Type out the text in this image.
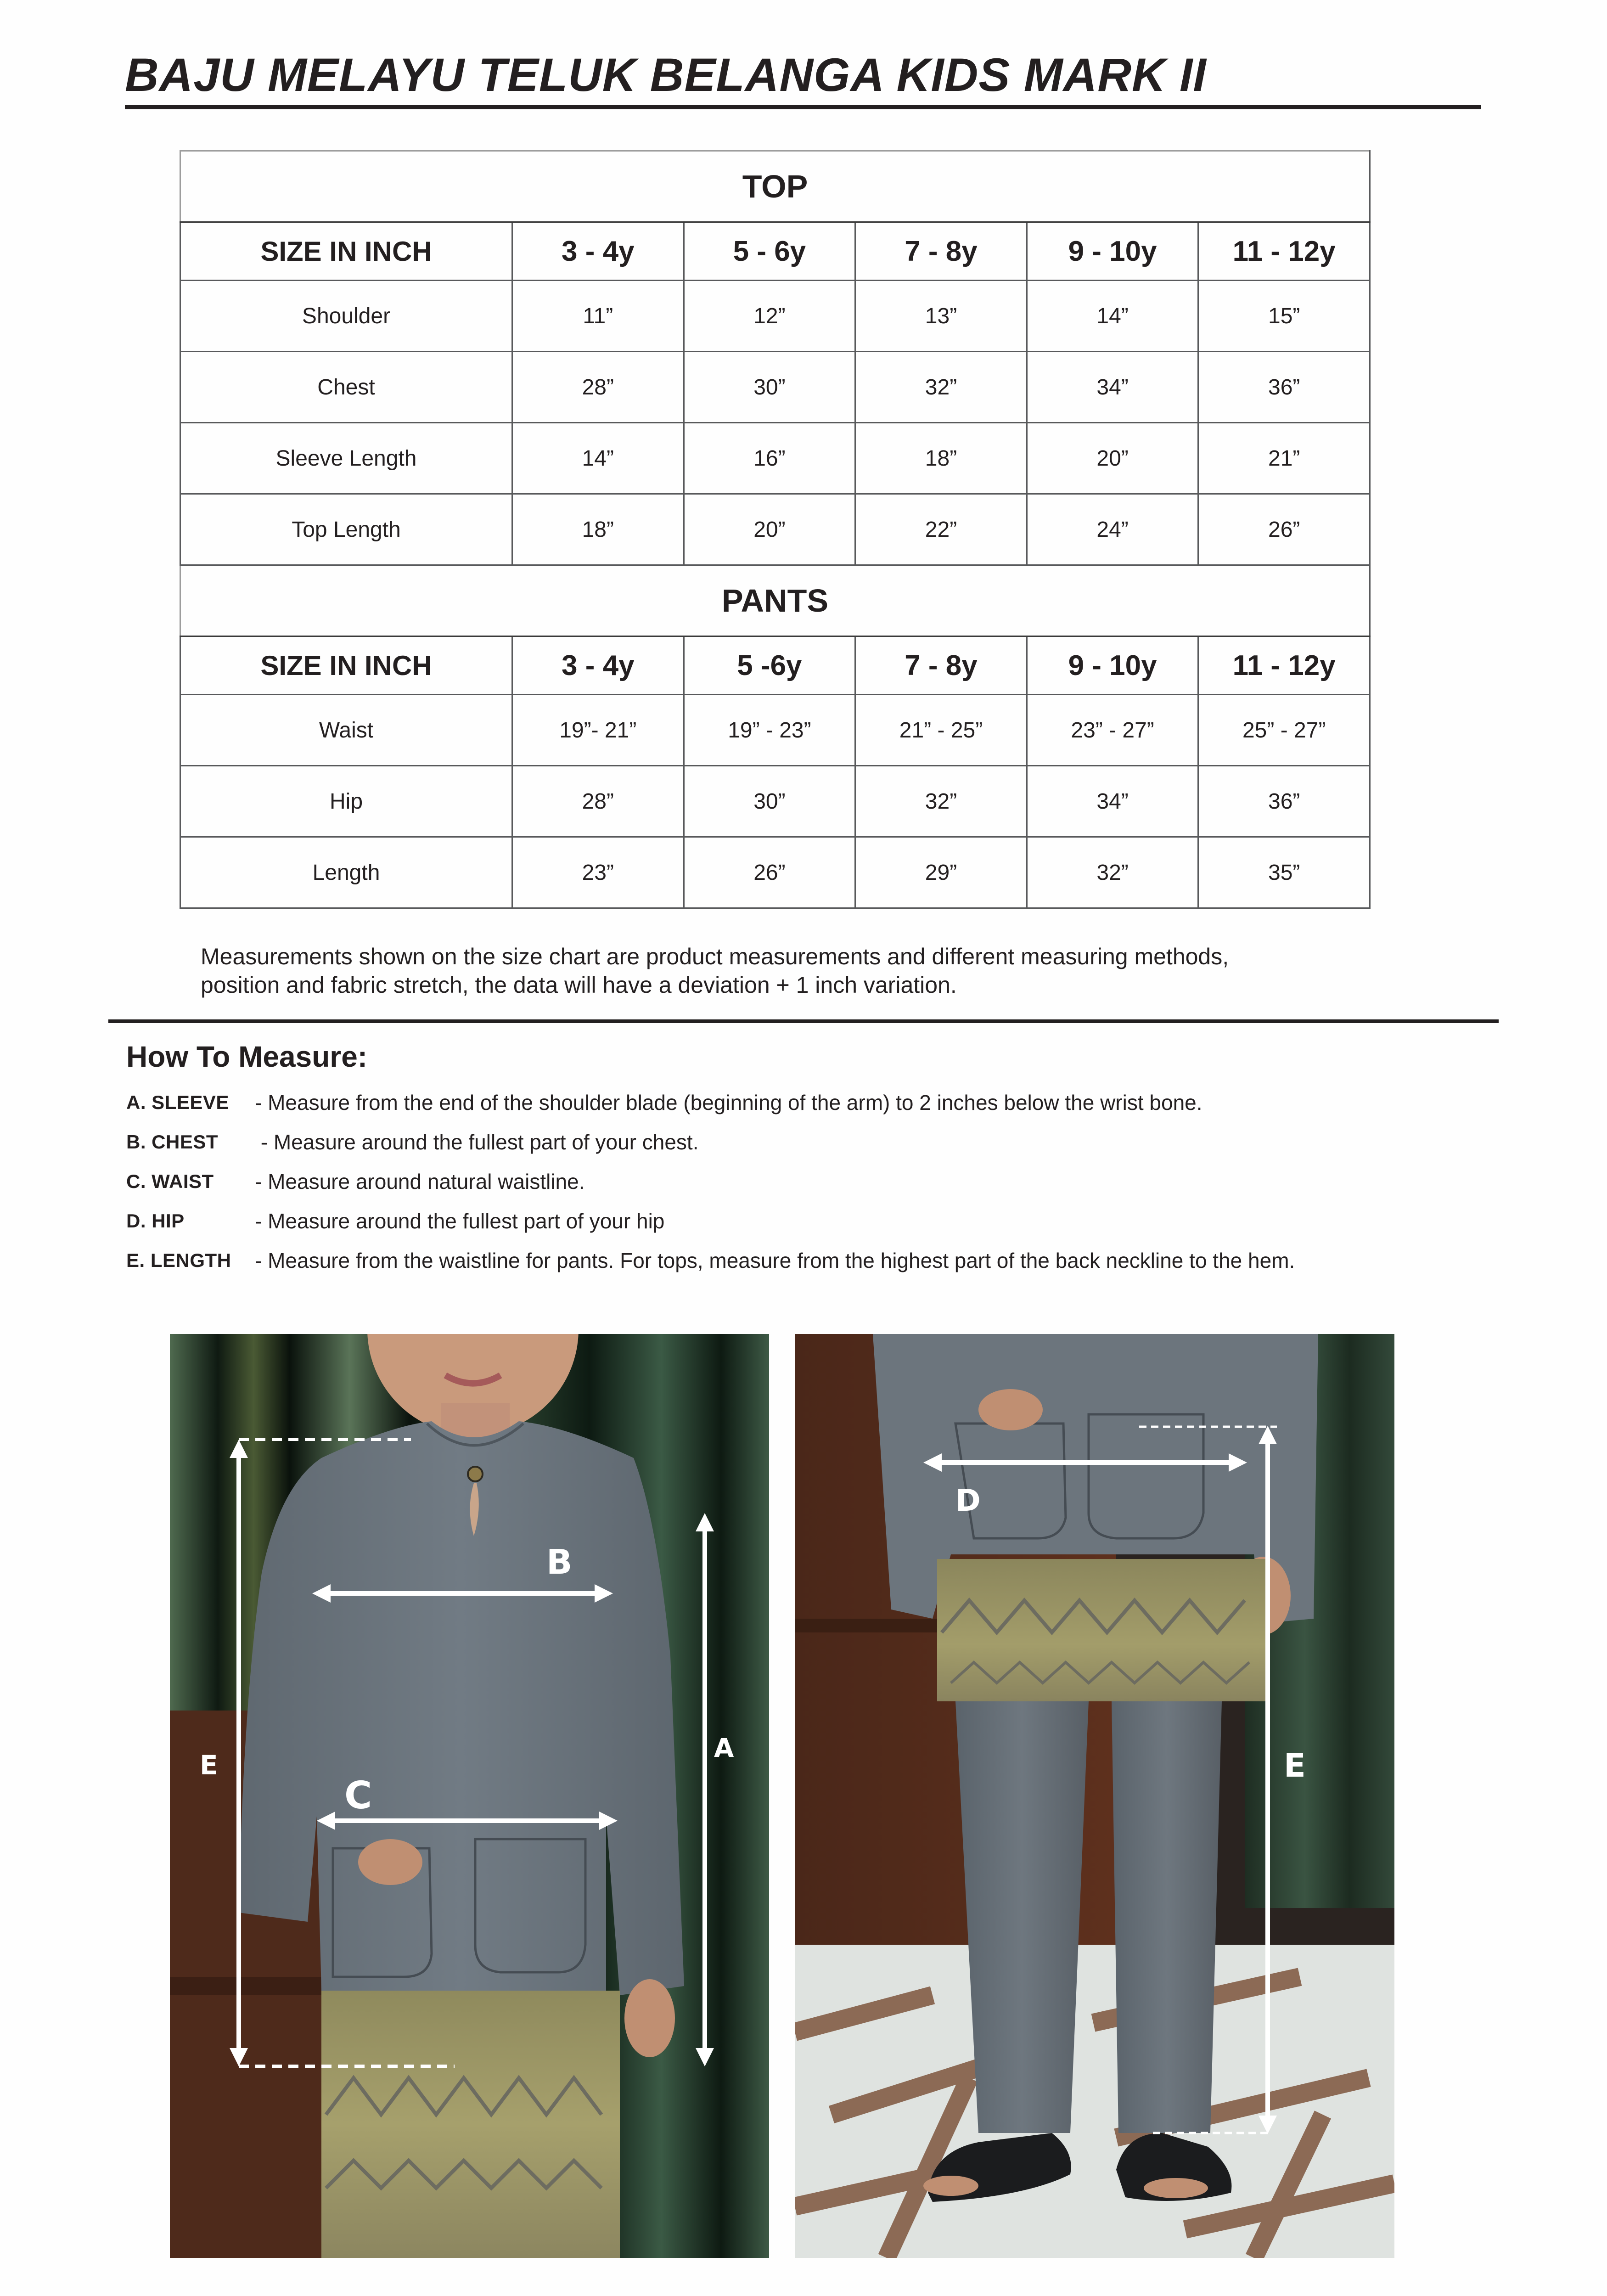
BAJU MELAYU TELUK BELANGA KIDS MARK II
TOP					
SIZE IN INCH	3 - 4y	5 - 6y	7 - 8y	9 - 10y	11 - 12y
Shoulder	11”	12”	13”	14”	15”
Chest	28”	30”	32”	34”	36”
Sleeve Length	14”	16”	18”	20”	21”
Top Length	18”	20”	22”	24”	26”
PANTS					
SIZE IN INCH	3 - 4y	5 -6y	7 - 8y	9 - 10y	11 - 12y
Waist	19”- 21”	19” - 23”	21” - 25”	23” - 27”	25” - 27”
Hip	28”	30”	32”	34”	36”
Length	23”	26”	29”	32”	35”
Measurements shown on the size chart are product measurements and different measuring methods,
position and fabric stretch, the data will have a deviation + 1 inch variation.
How To Measure:
A. SLEEVE	- Measure from the end of the shoulder blade (beginning of the arm) to 2 inches below the wrist bone.
B. CHEST	- Measure around the fullest part of your chest.
C. WAIST	- Measure around natural waistline.
D. HIP	- Measure around the fullest part of your hip
E. LENGTH	- Measure from the waistline for pants. For tops, measure from the highest part of the back neckline to the hem.
B
C
E
A
D
E
